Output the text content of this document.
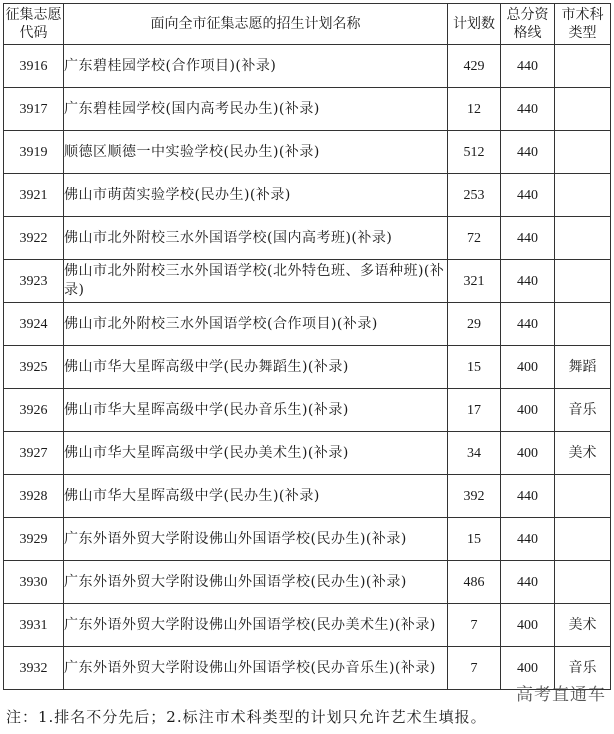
征集志愿代码	面向全市征集志愿的招生计划名称	计划数	总分资格线	市术科类型
3916	广东碧桂园学校(合作项目)(补录)	429	440	
3917	广东碧桂园学校(国内高考民办生)(补录)	12	440	
3919	顺德区顺德一中实验学校(民办生)(补录)	512	440	
3921	佛山市萌茵实验学校(民办生)(补录)	253	440	
3922	佛山市北外附校三水外国语学校(国内高考班)(补录)	72	440	
3923	佛山市北外附校三水外国语学校(北外特色班、多语种班)(补录)	321	440	
3924	佛山市北外附校三水外国语学校(合作项目)(补录)	29	440	
3925	佛山市华大星晖高级中学(民办舞蹈生)(补录)	15	400	舞蹈
3926	佛山市华大星晖高级中学(民办音乐生)(补录)	17	400	音乐
3927	佛山市华大星晖高级中学(民办美术生)(补录)	34	400	美术
3928	佛山市华大星晖高级中学(民办生)(补录)	392	440	
3929	广东外语外贸大学附设佛山外国语学校(民办生)(补录)	15	440	
3930	广东外语外贸大学附设佛山外国语学校(民办生)(补录)	486	440	
3931	广东外语外贸大学附设佛山外国语学校(民办美术生)(补录)	7	400	美术
3932	广东外语外贸大学附设佛山外国语学校(民办音乐生)(补录)	7	400	音乐
注：1.排名不分先后；2.标注市术科类型的计划只允许艺术生填报。
高考直通车
